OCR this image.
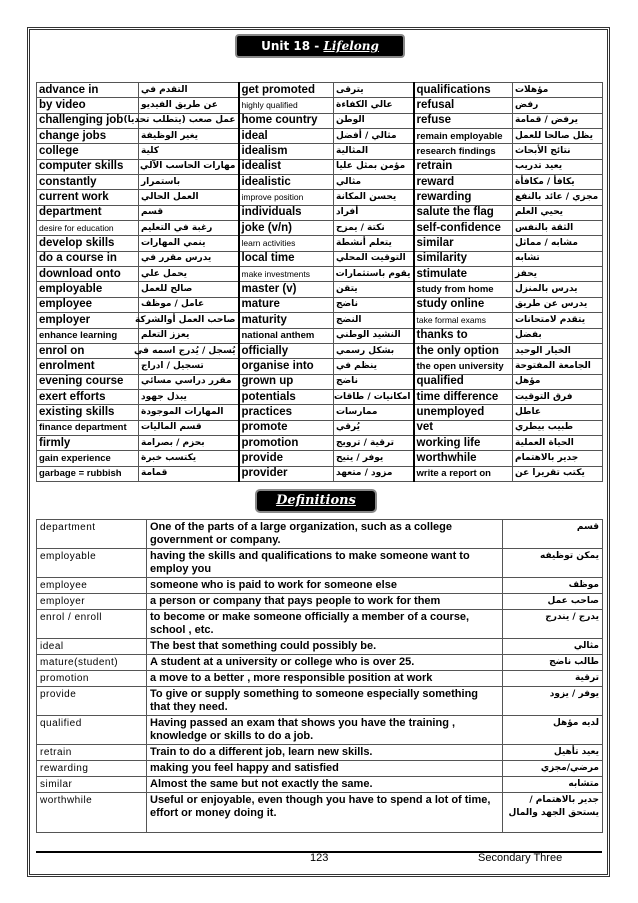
Unit 18 - Lifelong Learning
advance in	التقدم في	get promoted	يترقى	qualifications	مؤهلات
by video	عن طريق الفيديو	highly qualified	عالي الكفاءة	refusal	رفض
challenging job	عمل صعب (يتطلب تحديا)	home country	الوطن	refuse	يرفض / قمامة
change jobs	يغير الوظيفة	ideal	مثالي / أفضل	remain employable	يظل صالحا للعمل
college	كلية	idealism	المثالية	research findings	نتائج الأبحاث
computer skills	مهارات الحاسب الآلي	idealist	مؤمن بمثل عليا	retrain	يعيد تدريب
constantly	باستمرار	idealistic	مثالي	reward	يكافأ / مكافأة
current work	العمل الحالي	improve position	يحسن المكانة	rewarding	مجزي / عائد بالنفع
department	قسم	individuals	أفراد	salute the flag	يحيي العلم
desire for education	رغبة في التعليم	joke (v/n)	نكتة / يمزح	self-confidence	الثقة بالنفس
develop skills	ينمي المهارات	learn activities	يتعلم أنشطة	similar	مشابه / مماثل
do a course in	يدرس مقرر في	local time	التوقيت المحلي	similarity	تشابه
download onto	يحمل علي	make investments	يقوم باستثمارات	stimulate	يحفز
employable	صالح للعمل	master (v)	يتقن	study from home	يدرس بالمنزل
employee	عامل / موظف	mature	ناضج	study online	يدرس عن طريق
employer	صاحب العمل أوالشركة	maturity	النضج	take formal exams	يتقدم لامتحانات
enhance learning	يعزز التعلم	national anthem	النشيد الوطني	thanks to	بفضل
enrol on	يُسجل / يُدرج اسمه في	officially	بشكل رسمي	the only option	الخيار الوحيد
enrolment	تسجيل / ادراج	organise into	ينظم في	the open university	الجامعة المفتوحة
evening course	مقرر دراسي مسائي	grown up	ناضج	qualified	مؤهل
exert efforts	يبذل جهود	potentials	امكانيات / طاقات	time difference	فرق التوقيت
existing skills	المهارات الموجودة	practices	ممارسات	unemployed	عاطل
finance department	قسم الماليات	promote	يُرقي	vet	طبيب بيطري
firmly	بحزم / بصرامة	promotion	ترقية / ترويج	working life	الحياة العملية
gain experience	يكتسب خبرة	provide	يوفر / يتيح	worthwhile	جدير بالاهتمام
garbage = rubbish	قمامة	provider	مزود / متعهد	write a report on	يكتب تقريرا عن
Definitions
department	One of the parts of a large organization, such as a college government or company.	قسم
employable	having the skills and qualifications to make someone want to employ you	يمكن توظيفه
employee	someone who is paid to work for someone else	موظف
employer	a person or company that pays people to work for them	صاحب عمل
enrol / enroll	to become or make someone officially a member of a course, school , etc.	يدرج / يندرج
ideal	The best that something could possibly be.	مثالي
mature(student)	A student at a university or college who is over 25.	طالب ناضج
promotion	a move to a better , more responsible position at work	ترقية
provide	To give or supply something to someone especially something that they need.	يوفر / يزود
qualified	Having passed an exam that shows you have the training , knowledge or skills to do a job.	لديه مؤهل
retrain	Train to do a different job, learn new skills.	يعيد تأهيل
rewarding	making you feel happy and satisfied	مرضي/مجزي
similar	Almost the same but not exactly the same.	متشابه
worthwhile	Useful or enjoyable, even though you have to spend a lot of time, effort or money doing it.	جدير بالاهتمام / يستحق الجهد والمال
123	Secondary Three
